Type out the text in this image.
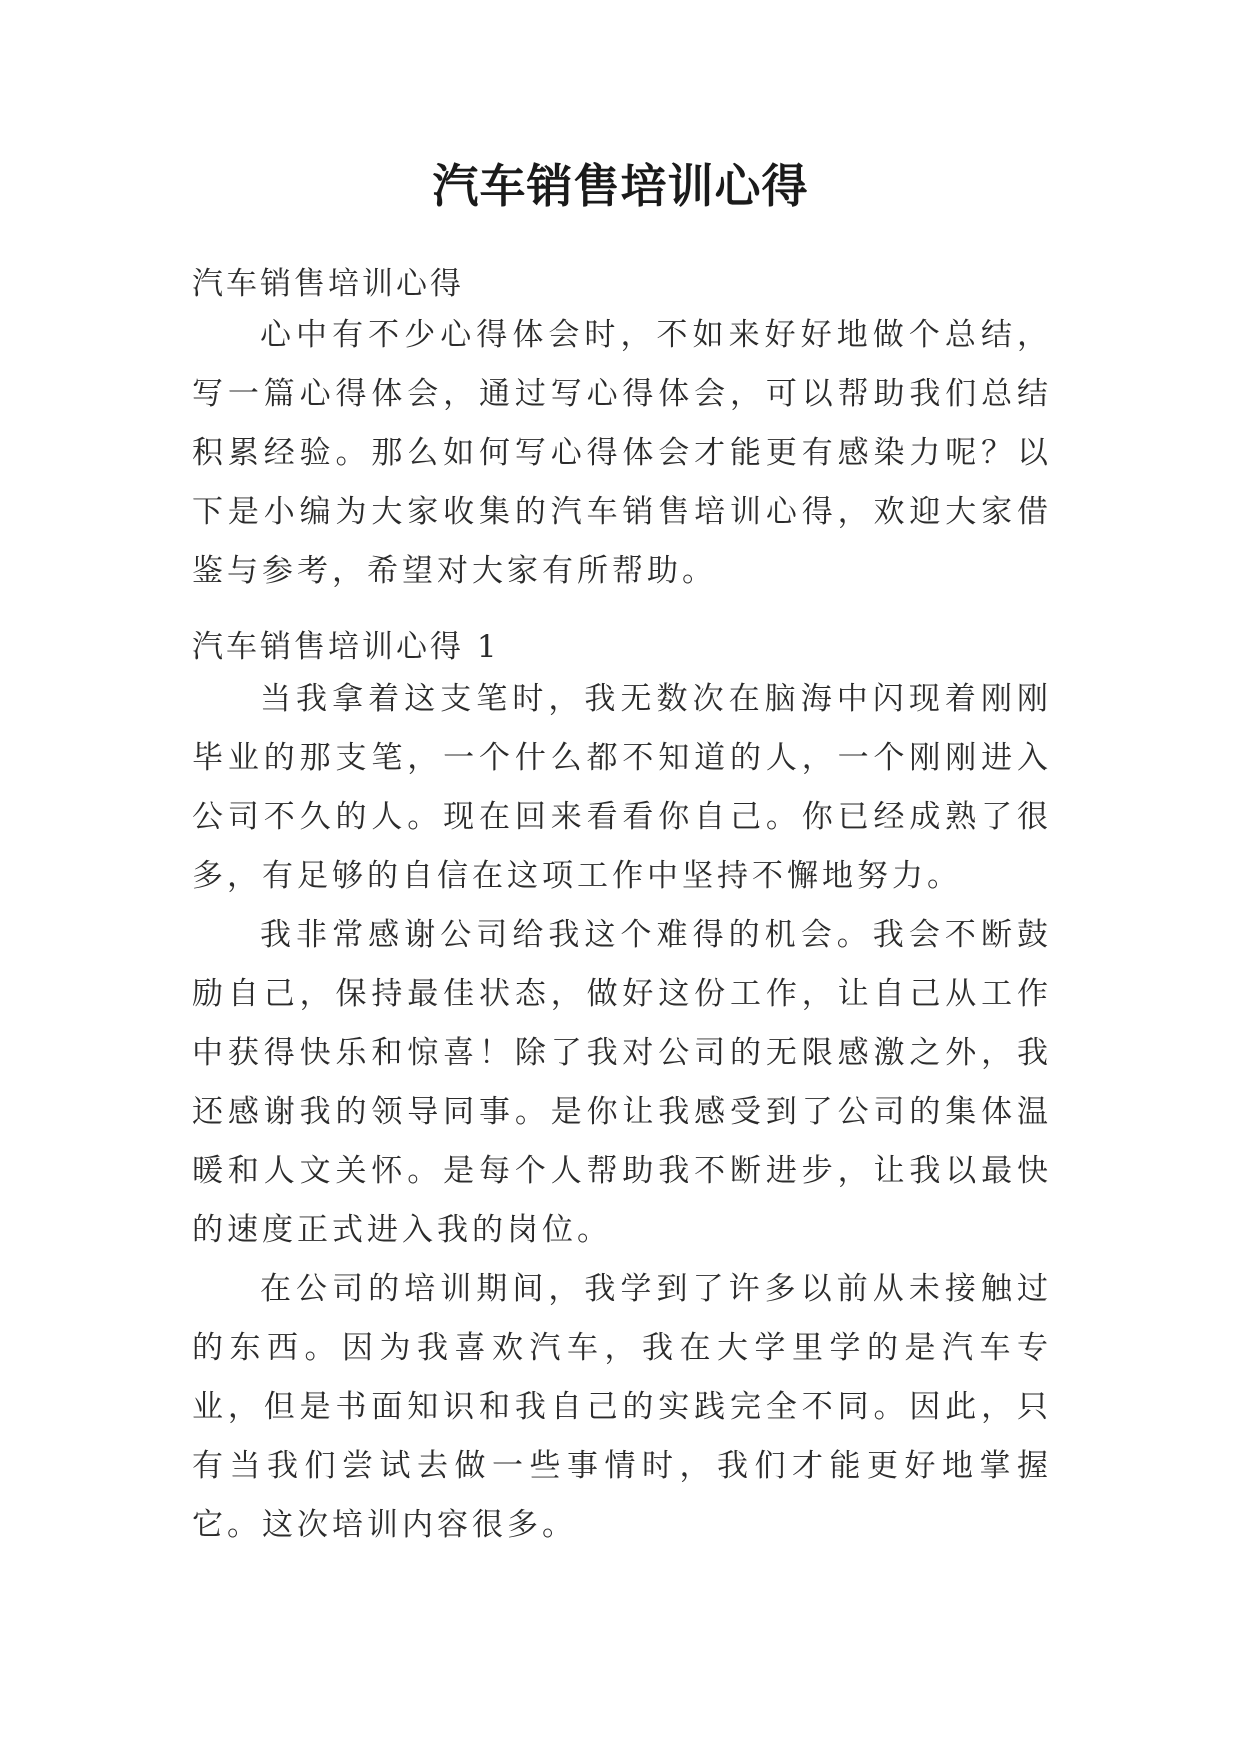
汽车销售培训心得
汽车销售培训心得

心中有不少心得体会时，不如来好好地做个总结，写一篇心得体会，通过写心得体会，可以帮助我们总结积累经验。那么如何写心得体会才能更有感染力呢？以下是小编为大家收集的汽车销售培训心得，欢迎大家借鉴与参考，希望对大家有所帮助。

汽车销售培训心得 1

当我拿着这支笔时，我无数次在脑海中闪现着刚刚毕业的那支笔，一个什么都不知道的人，一个刚刚进入公司不久的人。现在回来看看你自己。你已经成熟了很多，有足够的自信在这项工作中坚持不懈地努力。

我非常感谢公司给我这个难得的机会。我会不断鼓励自己，保持最佳状态，做好这份工作，让自己从工作中获得快乐和惊喜！除了我对公司的无限感激之外，我还感谢我的领导同事。是你让我感受到了公司的集体温暖和人文关怀。是每个人帮助我不断进步，让我以最快的速度正式进入我的岗位。

在公司的培训期间，我学到了许多以前从未接触过的东西。因为我喜欢汽车，我在大学里学的是汽车专业，但是书面知识和我自己的实践完全不同。因此，只有当我们尝试去做一些事情时，我们才能更好地掌握它。这次培训内容很多。
